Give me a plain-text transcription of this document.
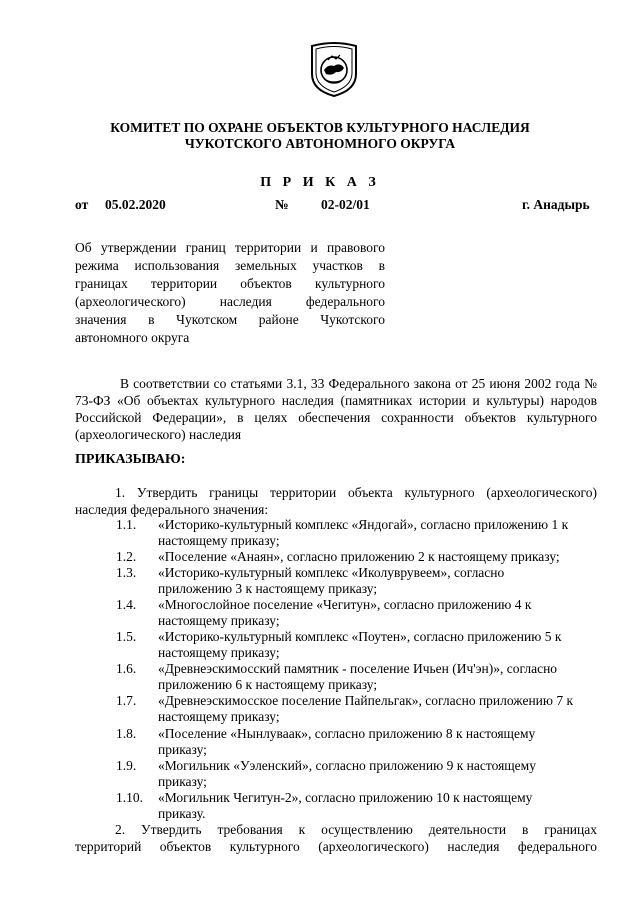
КОМИТЕТ ПО ОХРАНЕ ОБЪЕКТОВ КУЛЬТУРНОГО НАСЛЕДИЯ
ЧУКОТСКОГО АВТОНОМНОГО ОКРУГА
П Р И К А З
от 05.02.2020	№ 02-02/01	г. Анадырь
Об утверждении границ территории и правового
режима использования земельных участков в
границах территории объектов культурного
(археологического) наследия федерального
значения в Чукотском районе Чукотского
автономного округа
В соответствии со статьями 3.1, 33 Федерального закона от 25 июня 2002 года № 73-ФЗ «Об объектах культурного наследия (памятниках истории и культуры) народов Российской Федерации», в целях обеспечения сохранности объектов культурного (археологического) наследия
ПРИКАЗЫВАЮ:
1. Утвердить границы территории объекта культурного (археологического) наследия федерального значения:
1.1.	«Историко-культурный комплекс «Яндогай», согласно приложению 1 к
настоящему приказу;
1.2.	«Поселение «Анаян», согласно приложению 2 к настоящему приказу;
1.3.	«Историко-культурный комплекс «Иколуврувеем», согласно
приложению 3 к настоящему приказу;
1.4.	«Многослойное поселение «Чегитун», согласно приложению 4 к
настоящему приказу;
1.5.	«Историко-культурный комплекс «Поутен», согласно приложению 5 к
настоящему приказу;
1.6.	«Древнеэскимосский памятник - поселение Ичьен (Ич'эн)», согласно
приложению 6 к настоящему приказу;
1.7.	«Древнеэскимосское поселение Пайпельгак», согласно приложению 7 к
настоящему приказу;
1.8.	«Поселение «Нынлуваак», согласно приложению 8 к настоящему
приказу;
1.9.	«Могильник «Уэленский», согласно приложению 9 к настоящему
приказу;
1.10.	«Могильник Чегитун-2», согласно приложению 10 к настоящему
приказу.
2. Утвердить требования к осуществлению деятельности в границах
территорий объектов культурного (археологического) наследия федерального
